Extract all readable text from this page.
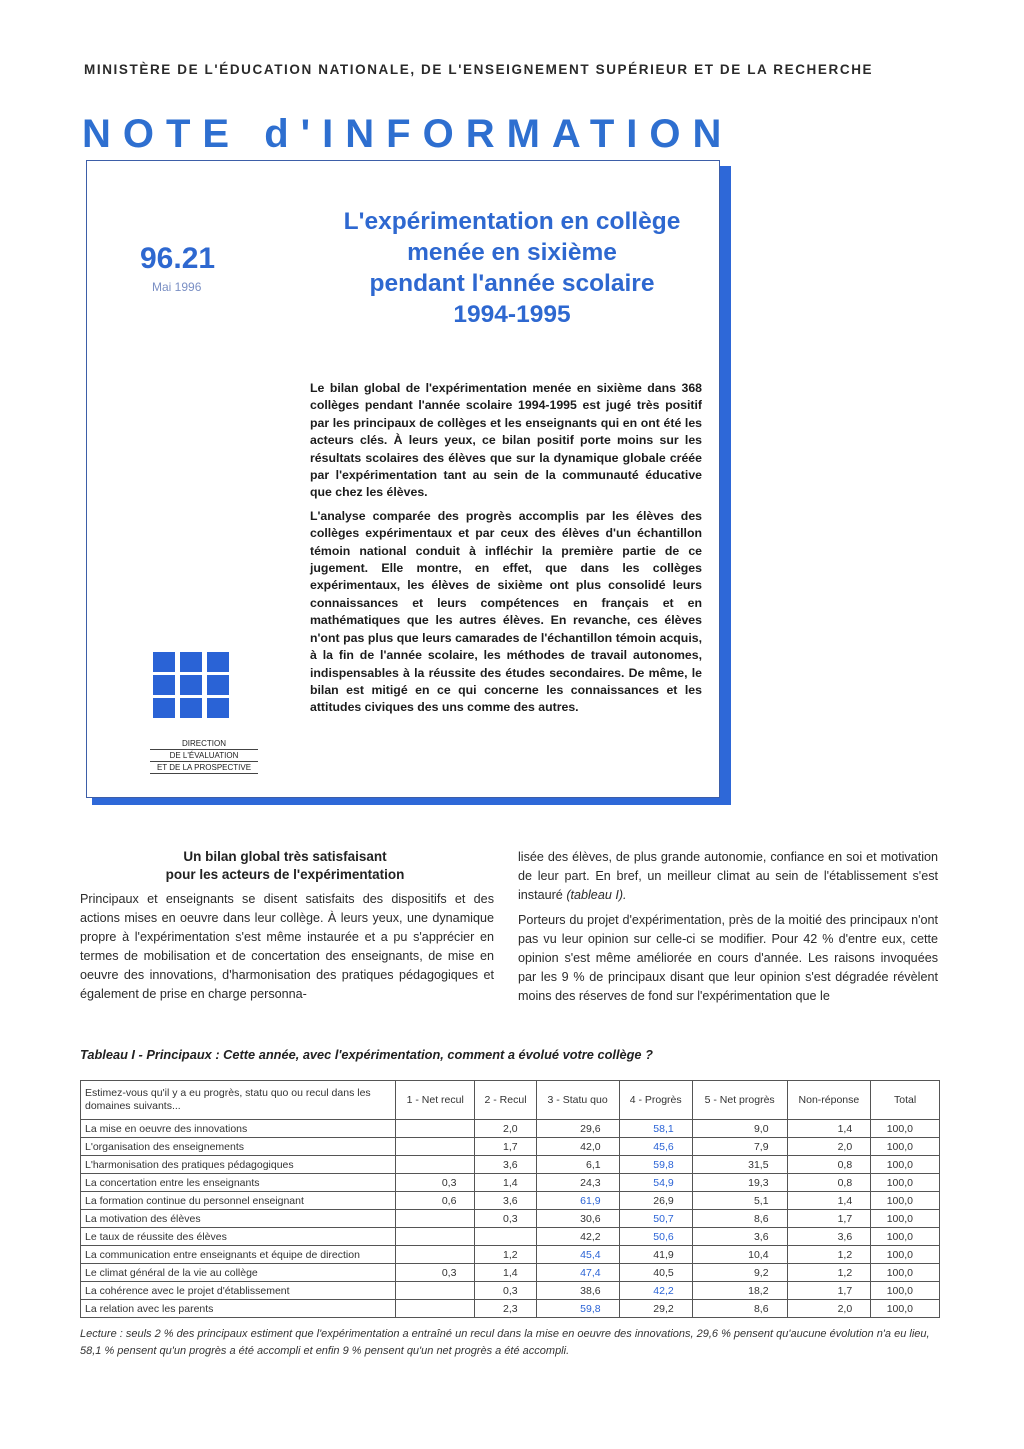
MINISTÈRE DE L'ÉDUCATION NATIONALE, DE L'ENSEIGNEMENT SUPÉRIEUR ET DE LA RECHERCHE
NOTE d'INFORMATION
96.21
Mai 1996
DIRECTION
DE L'ÉVALUATION
ET DE LA PROSPECTIVE
L'expérimentation en collège
menée en sixième
pendant l'année scolaire
1994-1995

Le bilan global de l'expérimentation menée en sixième dans 368 collèges pendant l'année scolaire 1994-1995 est jugé très positif par les principaux de collèges et les enseignants qui en ont été les acteurs clés. À leurs yeux, ce bilan positif porte moins sur les résultats scolaires des élèves que sur la dynamique globale créée par l'expérimentation tant au sein de la communauté éducative que chez les élèves.

L'analyse comparée des progrès accomplis par les élèves des collèges expérimentaux et par ceux des élèves d'un échantillon témoin national conduit à infléchir la première partie de ce jugement. Elle montre, en effet, que dans les collèges expérimentaux, les élèves de sixième ont plus consolidé leurs connaissances et leurs compétences en français et en mathématiques que les autres élèves. En revanche, ces élèves n'ont pas plus que leurs camarades de l'échantillon témoin acquis, à la fin de l'année scolaire, les méthodes de travail autonomes, indispensables à la réussite des études secondaires. De même, le bilan est mitigé en ce qui concerne les connaissances et les attitudes civiques des uns comme des autres.

Un bilan global très satisfaisant
pour les acteurs de l'expérimentation

Principaux et enseignants se disent satisfaits des dispositifs et des actions mises en oeuvre dans leur collège. À leurs yeux, une dynamique propre à l'expérimentation s'est même instaurée et a pu s'apprécier en termes de mobilisation et de concertation des enseignants, de mise en oeuvre des innovations, d'harmonisation des pratiques pédagogiques et également de prise en charge personna-

lisée des élèves, de plus grande autonomie, confiance en soi et motivation de leur part. En bref, un meilleur climat au sein de l'établissement s'est instauré (tableau I).

Porteurs du projet d'expérimentation, près de la moitié des principaux n'ont pas vu leur opinion sur celle-ci se modifier. Pour 42 % d'entre eux, cette opinion s'est même améliorée en cours d'année. Les raisons invoquées par les 9 % de principaux disant que leur opinion s'est dégradée révèlent moins des réserves de fond sur l'expérimentation que le

Tableau I - Principaux : Cette année, avec l'expérimentation, comment a évolué votre collège ?
Estimez-vous qu'il y a eu progrès, statu quo ou recul dans les domaines suivants...	1 - Net recul	2 - Recul	3 - Statu quo	4 - Progrès	5 - Net progrès	Non-réponse	Total
La mise en oeuvre des innovations		2,0	29,6	58,1	9,0	1,4	100,0
L'organisation des enseignements		1,7	42,0	45,6	7,9	2,0	100,0
L'harmonisation des pratiques pédagogiques		3,6	6,1	59,8	31,5	0,8	100,0
La concertation entre les enseignants	0,3	1,4	24,3	54,9	19,3	0,8	100,0
La formation continue du personnel enseignant	0,6	3,6	61,9	26,9	5,1	1,4	100,0
La motivation des élèves		0,3	30,6	50,7	8,6	1,7	100,0
Le taux de réussite des élèves			42,2	50,6	3,6	3,6	100,0
La communication entre enseignants et équipe de direction		1,2	45,4	41,9	10,4	1,2	100,0
Le climat général de la vie au collège	0,3	1,4	47,4	40,5	9,2	1,2	100,0
La cohérence avec le projet d'établissement		0,3	38,6	42,2	18,2	1,7	100,0
La relation avec les parents		2,3	59,8	29,2	8,6	2,0	100,0
Lecture : seuls 2 % des principaux estiment que l'expérimentation a entraîné un recul dans la mise en oeuvre des innovations, 29,6 % pensent qu'aucune évolution n'a eu lieu, 58,1 % pensent qu'un progrès a été accompli et enfin 9 % pensent qu'un net progrès a été accompli.
